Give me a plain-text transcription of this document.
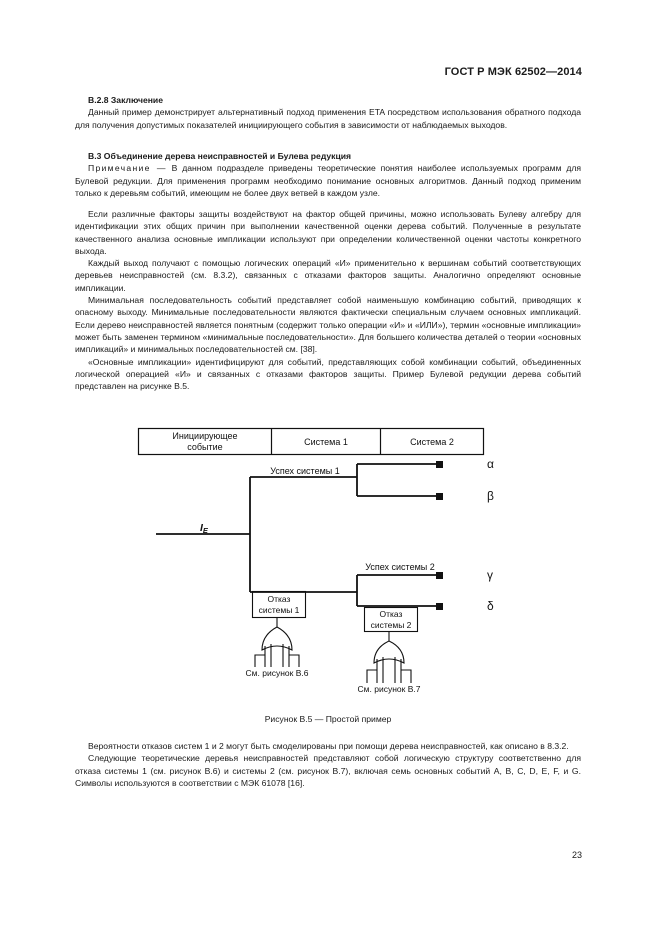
ГОСТ Р МЭК 62502—2014

В.2.8 Заключение

Данный пример демонстрирует альтернативный подход применения ETA посредством использования обратного подхода для получения допустимых показателей инициирующего события в зависимости от наблюдаемых выходов.

В.3 Объединение дерева неисправностей и Булева редукция

Примечание — В данном подразделе приведены теоретические понятия наиболее используемых программ для Булевой редукции. Для применения программ необходимо понимание основных алгоритмов. Данный подход применим только к деревьям событий, имеющим не более двух ветвей в каждом узле.

Если различные факторы защиты воздействуют на фактор общей причины, можно использовать Булеву алгебру для идентификации этих общих причин при выполнении качественной оценки дерева событий. Полученные в результате качественного анализа основные импликации используют при определении количественной оценки частоты конкретного выхода.

Каждый выход получают с помощью логических операций «И» применительно к вершинам событий соответствующих деревьев неисправностей (см. 8.3.2), связанных с отказами факторов защиты. Аналогично определяют основные импликации.

Минимальная последовательность событий представляет собой наименьшую комбинацию событий, приводящих к опасному выходу. Минимальные последовательности являются фактически специальным случаем основных импликаций. Если дерево неисправностей является понятным (содержит только операции «И» и «ИЛИ»), термин «основные импликации» может быть заменен термином «минимальные последовательности». Для большего количества деталей о теории «основных импликаций» и минимальных последовательностей см. [38].

«Основные импликации» идентифицируют для событий, представляющих собой комбинации событий, объединенных логической операцией «И» и связанных с отказами факторов защиты. Пример Булевой редукции дерева событий представлен на рисунке В.5.

Инициирующее
событие	Система 1	Система 2
Успех системы 1
Успех системы 2
Отказ
системы 1	Отказ
системы 2
См. рисунок В.6
См. рисунок В.7
α
β
γ
δ
IE
Рисунок В.5 — Простой пример

Вероятности отказов систем 1 и 2 могут быть смоделированы при помощи дерева неисправностей, как описано в 8.3.2.

Следующие теоретические деревья неисправностей представляют собой логическую структуру соответственно для отказа системы 1 (см. рисунок В.6) и системы 2 (см. рисунок В.7), включая семь основных событий A, B, C, D, E, F, и G. Символы используются в соответствии с МЭК 61078 [16].

23
